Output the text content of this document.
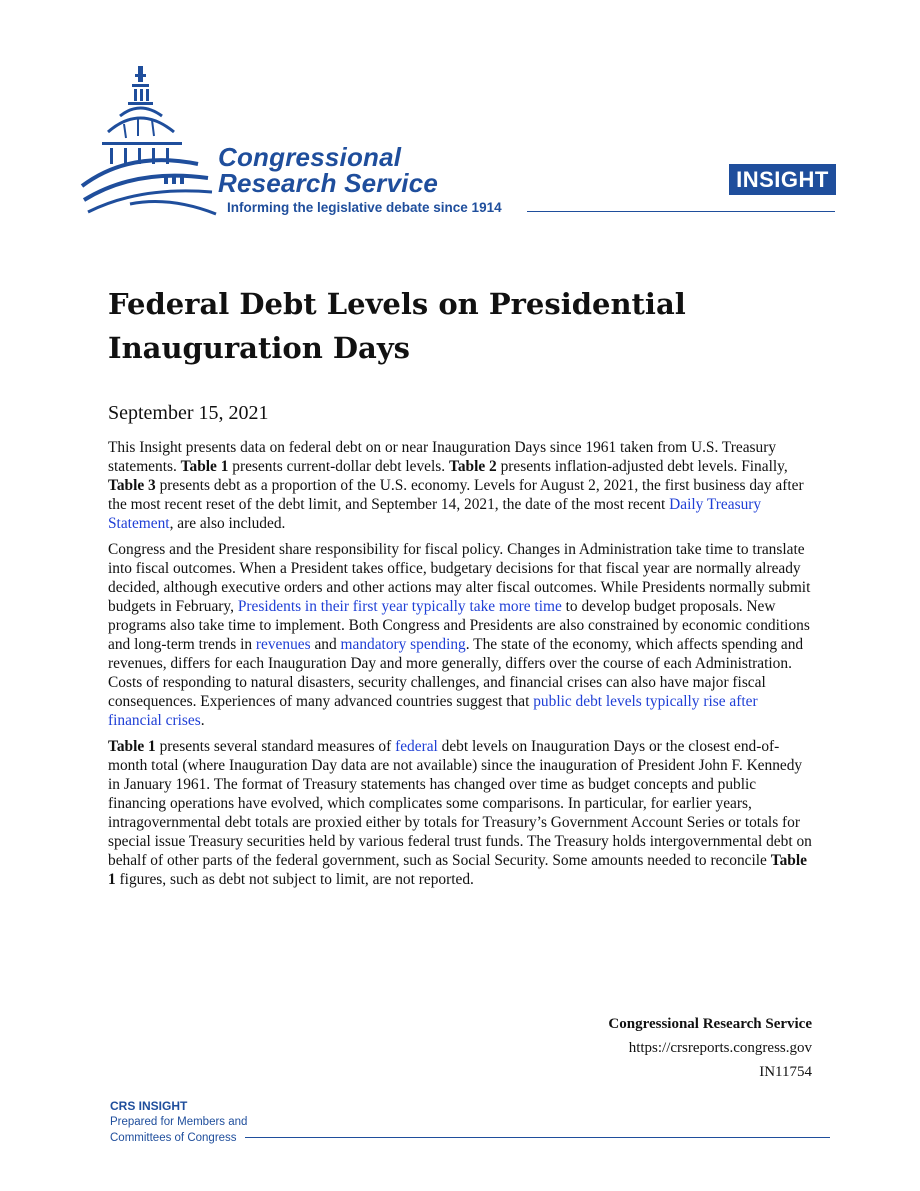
Congressional
Research Service
Informing the legislative debate since 1914
INSIGHT
Federal Debt Levels on Presidential Inauguration Days
September 15, 2021

This Insight presents data on federal debt on or near Inauguration Days since 1961 taken from U.S. Treasury statements. Table 1 presents current-dollar debt levels. Table 2 presents inflation-adjusted debt levels. Finally, Table 3 presents debt as a proportion of the U.S. economy. Levels for August 2, 2021, the first business day after the most recent reset of the debt limit, and September 14, 2021, the date of the most recent Daily Treasury Statement, are also included.

Congress and the President share responsibility for fiscal policy. Changes in Administration take time to translate into fiscal outcomes. When a President takes office, budgetary decisions for that fiscal year are normally already decided, although executive orders and other actions may alter fiscal outcomes. While Presidents normally submit budgets in February, Presidents in their first year typically take more time to develop budget proposals. New programs also take time to implement. Both Congress and Presidents are also constrained by economic conditions and long-term trends in revenues and mandatory spending. The state of the economy, which affects spending and revenues, differs for each Inauguration Day and more generally, differs over the course of each Administration. Costs of responding to natural disasters, security challenges, and financial crises can also have major fiscal consequences. Experiences of many advanced countries suggest that public debt levels typically rise after financial crises.

Table 1 presents several standard measures of federal debt levels on Inauguration Days or the closest end-of-month total (where Inauguration Day data are not available) since the inauguration of President John F. Kennedy in January 1961. The format of Treasury statements has changed over time as budget concepts and public financing operations have evolved, which complicates some comparisons. In particular, for earlier years, intragovernmental debt totals are proxied either by totals for Treasury’s Government Account Series or totals for special issue Treasury securities held by various federal trust funds. The Treasury holds intergovernmental debt on behalf of other parts of the federal government, such as Social Security. Some amounts needed to reconcile Table 1 figures, such as debt not subject to limit, are not reported.

Congressional Research Service
https://crsreports.congress.gov
IN11754
CRS INSIGHT
Prepared for Members and
Committees of Congress
